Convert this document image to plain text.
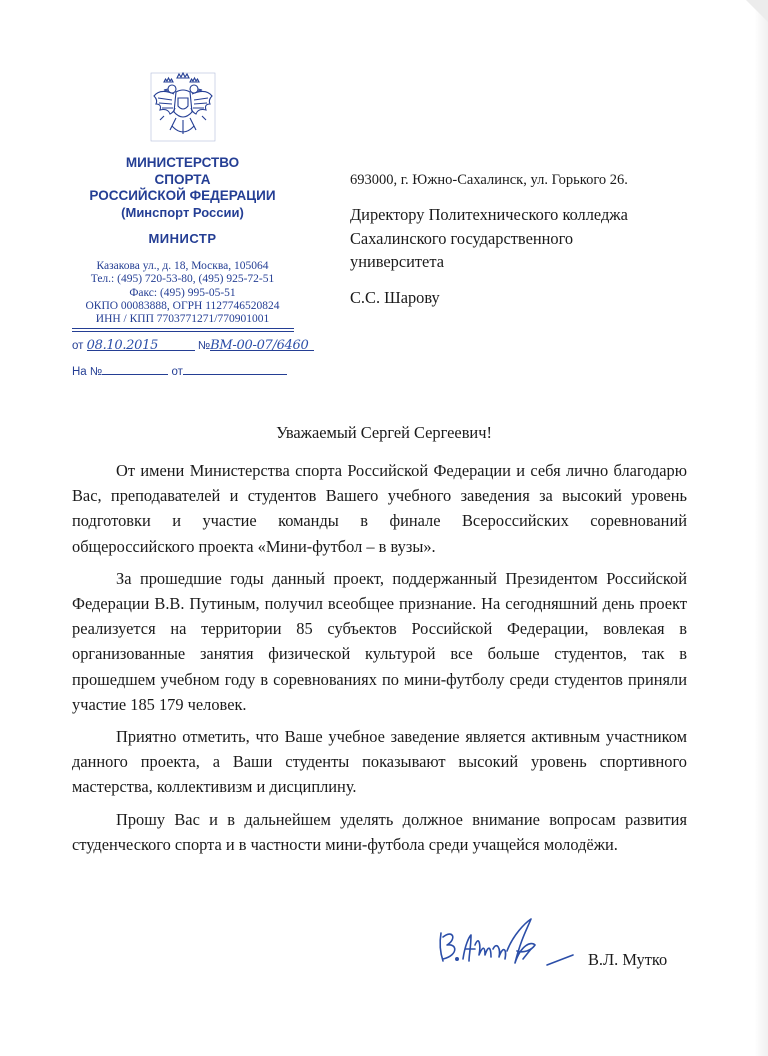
МИНИСТЕРСТВО
СПОРТА
РОССИЙСКОЙ ФЕДЕРАЦИИ
(Минспорт России)
МИНИСТР
Казакова ул., д. 18, Москва, 105064
Тел.: (495) 720-53-80, (495) 925-72-51
Факс: (495) 995-05-51
ОКПО 00083888, ОГРН 1127746520824
ИНН / КПП 7703771271/770901001
от 08.10.2015	№ВМ-00-07/6460
На №	от
693000, г. Южно-Сахалинск, ул. Горького 26.
Директору Политехнического колледжа
Сахалинского государственного
университета
С.С. Шарову
Уважаемый Сергей Сергеевич!

От имени Министерства спорта Российской Федерации и себя лично благодарю Вас, преподавателей и студентов Вашего учебного заведения за высокий уровень подготовки и участие команды в финале Всероссийских соревнований общероссийского проекта «Мини-футбол – в вузы».

За прошедшие годы данный проект, поддержанный Президентом Российской Федерации В.В. Путиным, получил всеобщее признание. На сегодняшний день проект реализуется на территории 85 субъектов Российской Федерации, вовлекая в организованные занятия физической культурой все больше студентов, так в прошедшем учебном году в соревнованиях по мини-футболу среди студентов приняли участие 185 179 человек.

Приятно отметить, что Ваше учебное заведение является активным участником данного проекта, а Ваши студенты показывают высокий уровень спортивного мастерства, коллективизм и дисциплину.

Прошу Вас и в дальнейшем уделять должное внимание вопросам развития студенческого спорта и в частности мини-футбола среди учащейся молодёжи.

В.Л. Мутко
